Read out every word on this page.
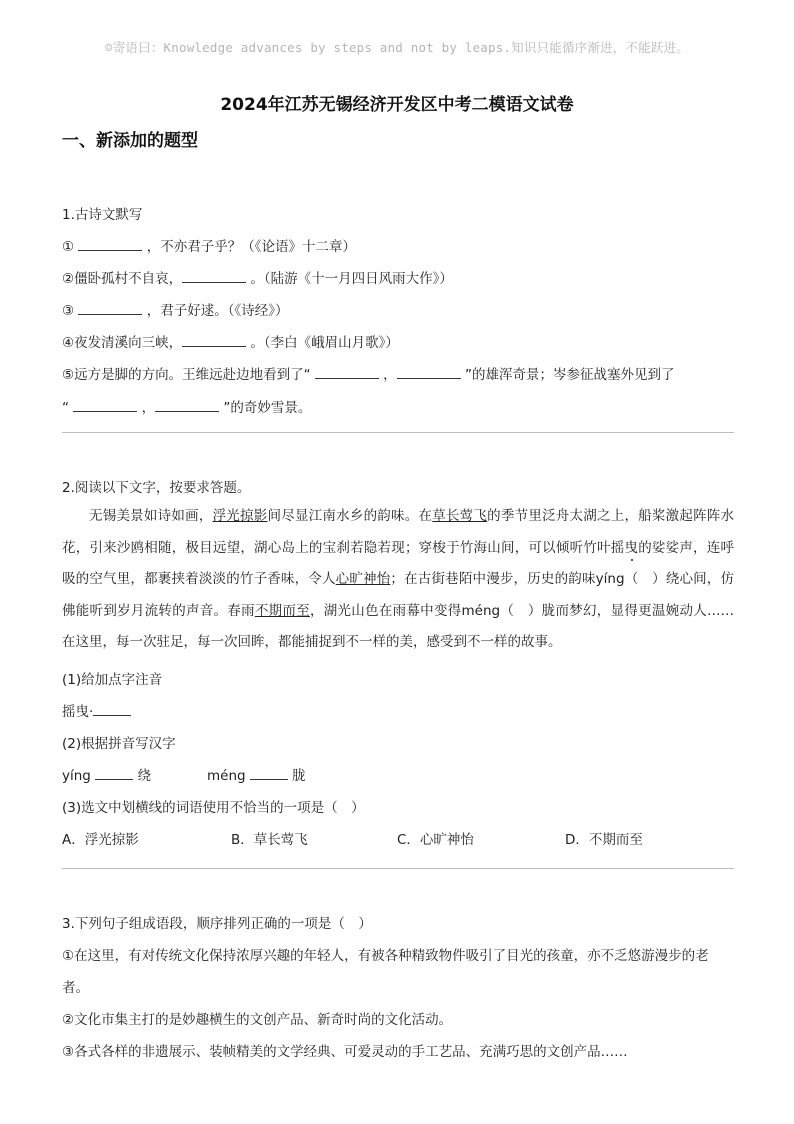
☺寄语曰：Knowledge advances by steps and not by leaps.知识只能循序渐进，不能跃进。
2024年江苏无锡经济开发区中考二模语文试卷
一、新添加的题型
1.古诗文默写
①	，不亦君子乎？（《论语》十二章）
②僵卧孤村不自哀，	。（陆游《十一月四日风雨大作》）
③	，君子好逑。（《诗经》）
④夜发清溪向三峡，	。（李白《峨眉山月歌》）
⑤远方是脚的方向。王维远赴边地看到了“	，	”的雄浑奇景；岑参征战塞外见到了
“	，	”的奇妙雪景。
2.阅读以下文字，按要求答题。
无锡美景如诗如画，浮光掠影间尽显江南水乡的韵味。在草长莺飞的季节里泛舟太湖之上，船桨激起阵阵水花，引来沙鸥相随，极目远望，湖心岛上的宝刹若隐若现；穿梭于竹海山间，可以倾听竹叶摇曳的娑娑声，连呼吸的空气里，都裹挟着淡淡的竹子香味，令人心旷神怡；在古街巷陌中漫步，历史的韵味yíng（　）绕心间，仿佛能听到岁月流转的声音。春雨不期而至，湖光山色在雨幕中变得méng（　）胧而梦幻，显得更温婉动人……在这里，每一次驻足，每一次回眸，都能捕捉到不一样的美，感受到不一样的故事。
(1)给加点字注音
摇曳·
(2)根据拼音写汉字
yíng	绕	méng	胧
(3)选文中划横线的词语使用不恰当的一项是（　）
A．浮光掠影	B．草长莺飞	C．心旷神怡	D．不期而至
3.下列句子组成语段，顺序排列正确的一项是（　）
①在这里，有对传统文化保持浓厚兴趣的年轻人，有被各种精致物件吸引了目光的孩童，亦不乏悠游漫步的老
者。
②文化市集主打的是妙趣横生的文创产品、新奇时尚的文化活动。
③各式各样的非遗展示、装帧精美的文学经典、可爱灵动的手工艺品、充满巧思的文创产品……
